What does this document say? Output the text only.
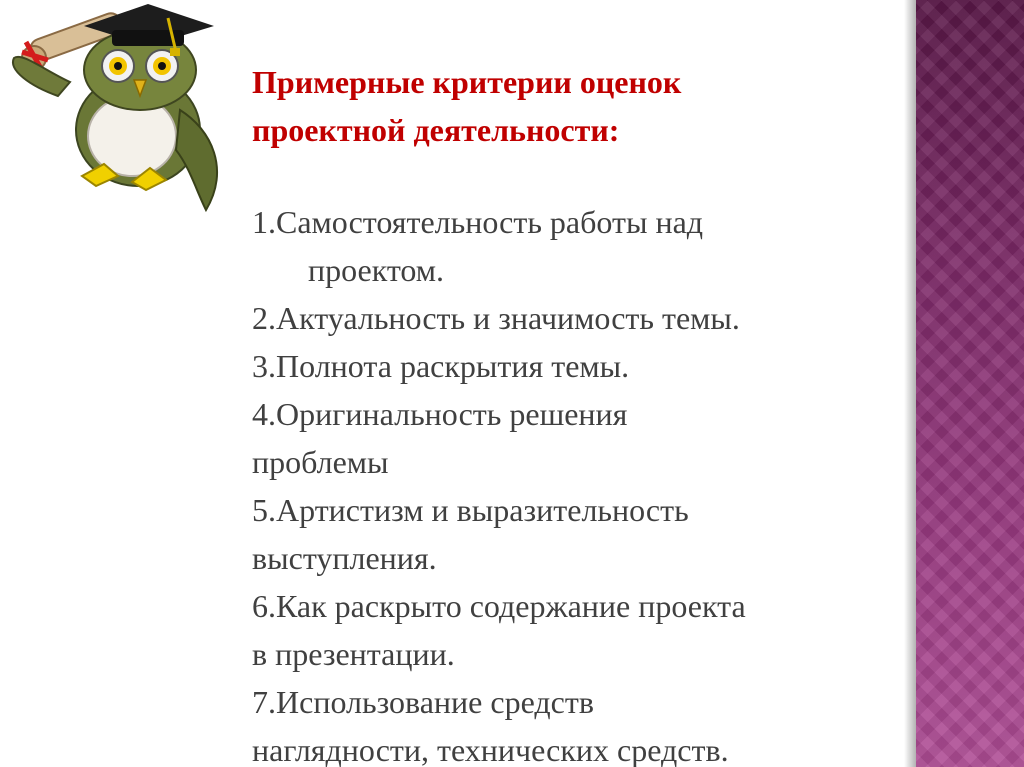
Примерные критерии оценок
проектной деятельности:
1.Самостоятельность работы над
проектом.
2.Актуальность и значимость темы.
3.Полнота раскрытия темы.
4.Оригинальность решения
проблемы
5.Артистизм и выразительность
выступления.
6.Как раскрыто содержание проекта
в презентации.
7.Использование средств
наглядности, технических средств.
